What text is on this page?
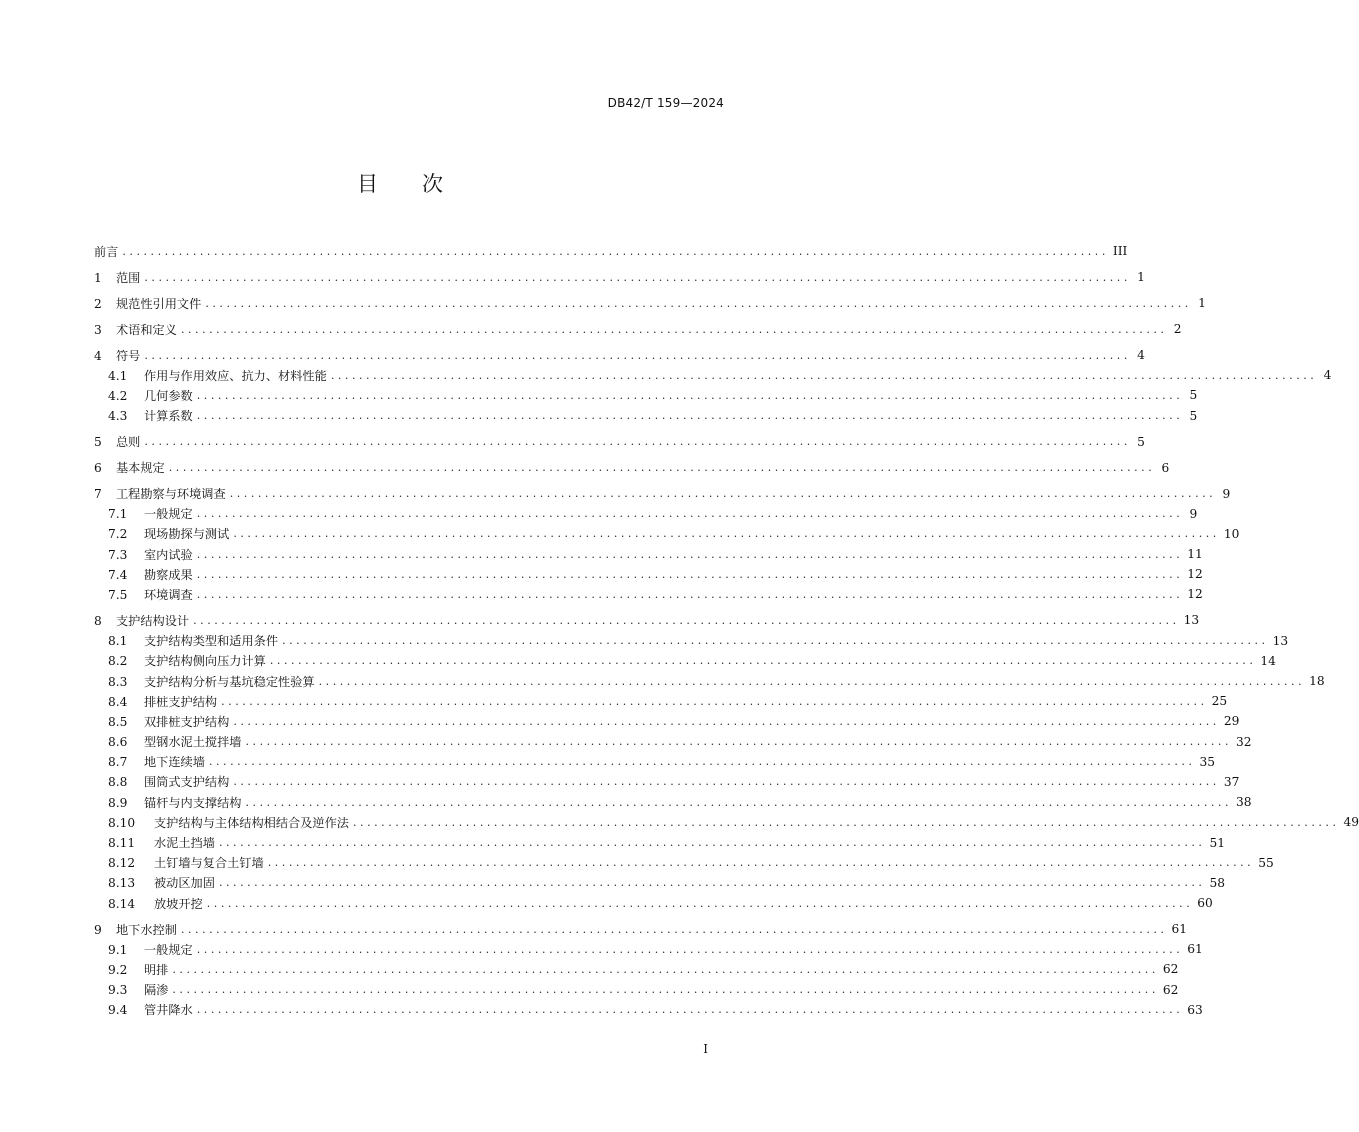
DB42/T 159—2024
目 次
前言 ............................................................................................................................................ III
1 范围 ............................................................................................................................................ 1
2 规范性引用文件 ............................................................................................................................................ 1
3 术语和定义 ............................................................................................................................................ 2
4 符号 ............................................................................................................................................ 4
4.1 作用与作用效应、抗力、材料性能 ............................................................................................................................................ 4
4.2 几何参数 ............................................................................................................................................ 5
4.3 计算系数 ............................................................................................................................................ 5
5 总则 ............................................................................................................................................ 5
6 基本规定 ............................................................................................................................................ 6
7 工程勘察与环境调查 ............................................................................................................................................ 9
7.1 一般规定 ............................................................................................................................................ 9
7.2 现场勘探与测试 ............................................................................................................................................ 10
7.3 室内试验 ............................................................................................................................................ 11
7.4 勘察成果 ............................................................................................................................................ 12
7.5 环境调查 ............................................................................................................................................ 12
8 支护结构设计 ............................................................................................................................................ 13
8.1 支护结构类型和适用条件 ............................................................................................................................................ 13
8.2 支护结构侧向压力计算 ............................................................................................................................................ 14
8.3 支护结构分析与基坑稳定性验算 ............................................................................................................................................ 18
8.4 排桩支护结构 ............................................................................................................................................ 25
8.5 双排桩支护结构 ............................................................................................................................................ 29
8.6 型钢水泥土搅拌墙 ............................................................................................................................................ 32
8.7 地下连续墙 ............................................................................................................................................ 35
8.8 围筒式支护结构 ............................................................................................................................................ 37
8.9 锚杆与内支撑结构 ............................................................................................................................................ 38
8.10 支护结构与主体结构相结合及逆作法 ............................................................................................................................................ 49
8.11 水泥土挡墙 ............................................................................................................................................ 51
8.12 土钉墙与复合土钉墙 ............................................................................................................................................ 55
8.13 被动区加固 ............................................................................................................................................ 58
8.14 放坡开挖 ............................................................................................................................................ 60
9 地下水控制 ............................................................................................................................................ 61
9.1 一般规定 ............................................................................................................................................ 61
9.2 明排 ............................................................................................................................................ 62
9.3 隔渗 ............................................................................................................................................ 62
9.4 管井降水 ............................................................................................................................................ 63
I
